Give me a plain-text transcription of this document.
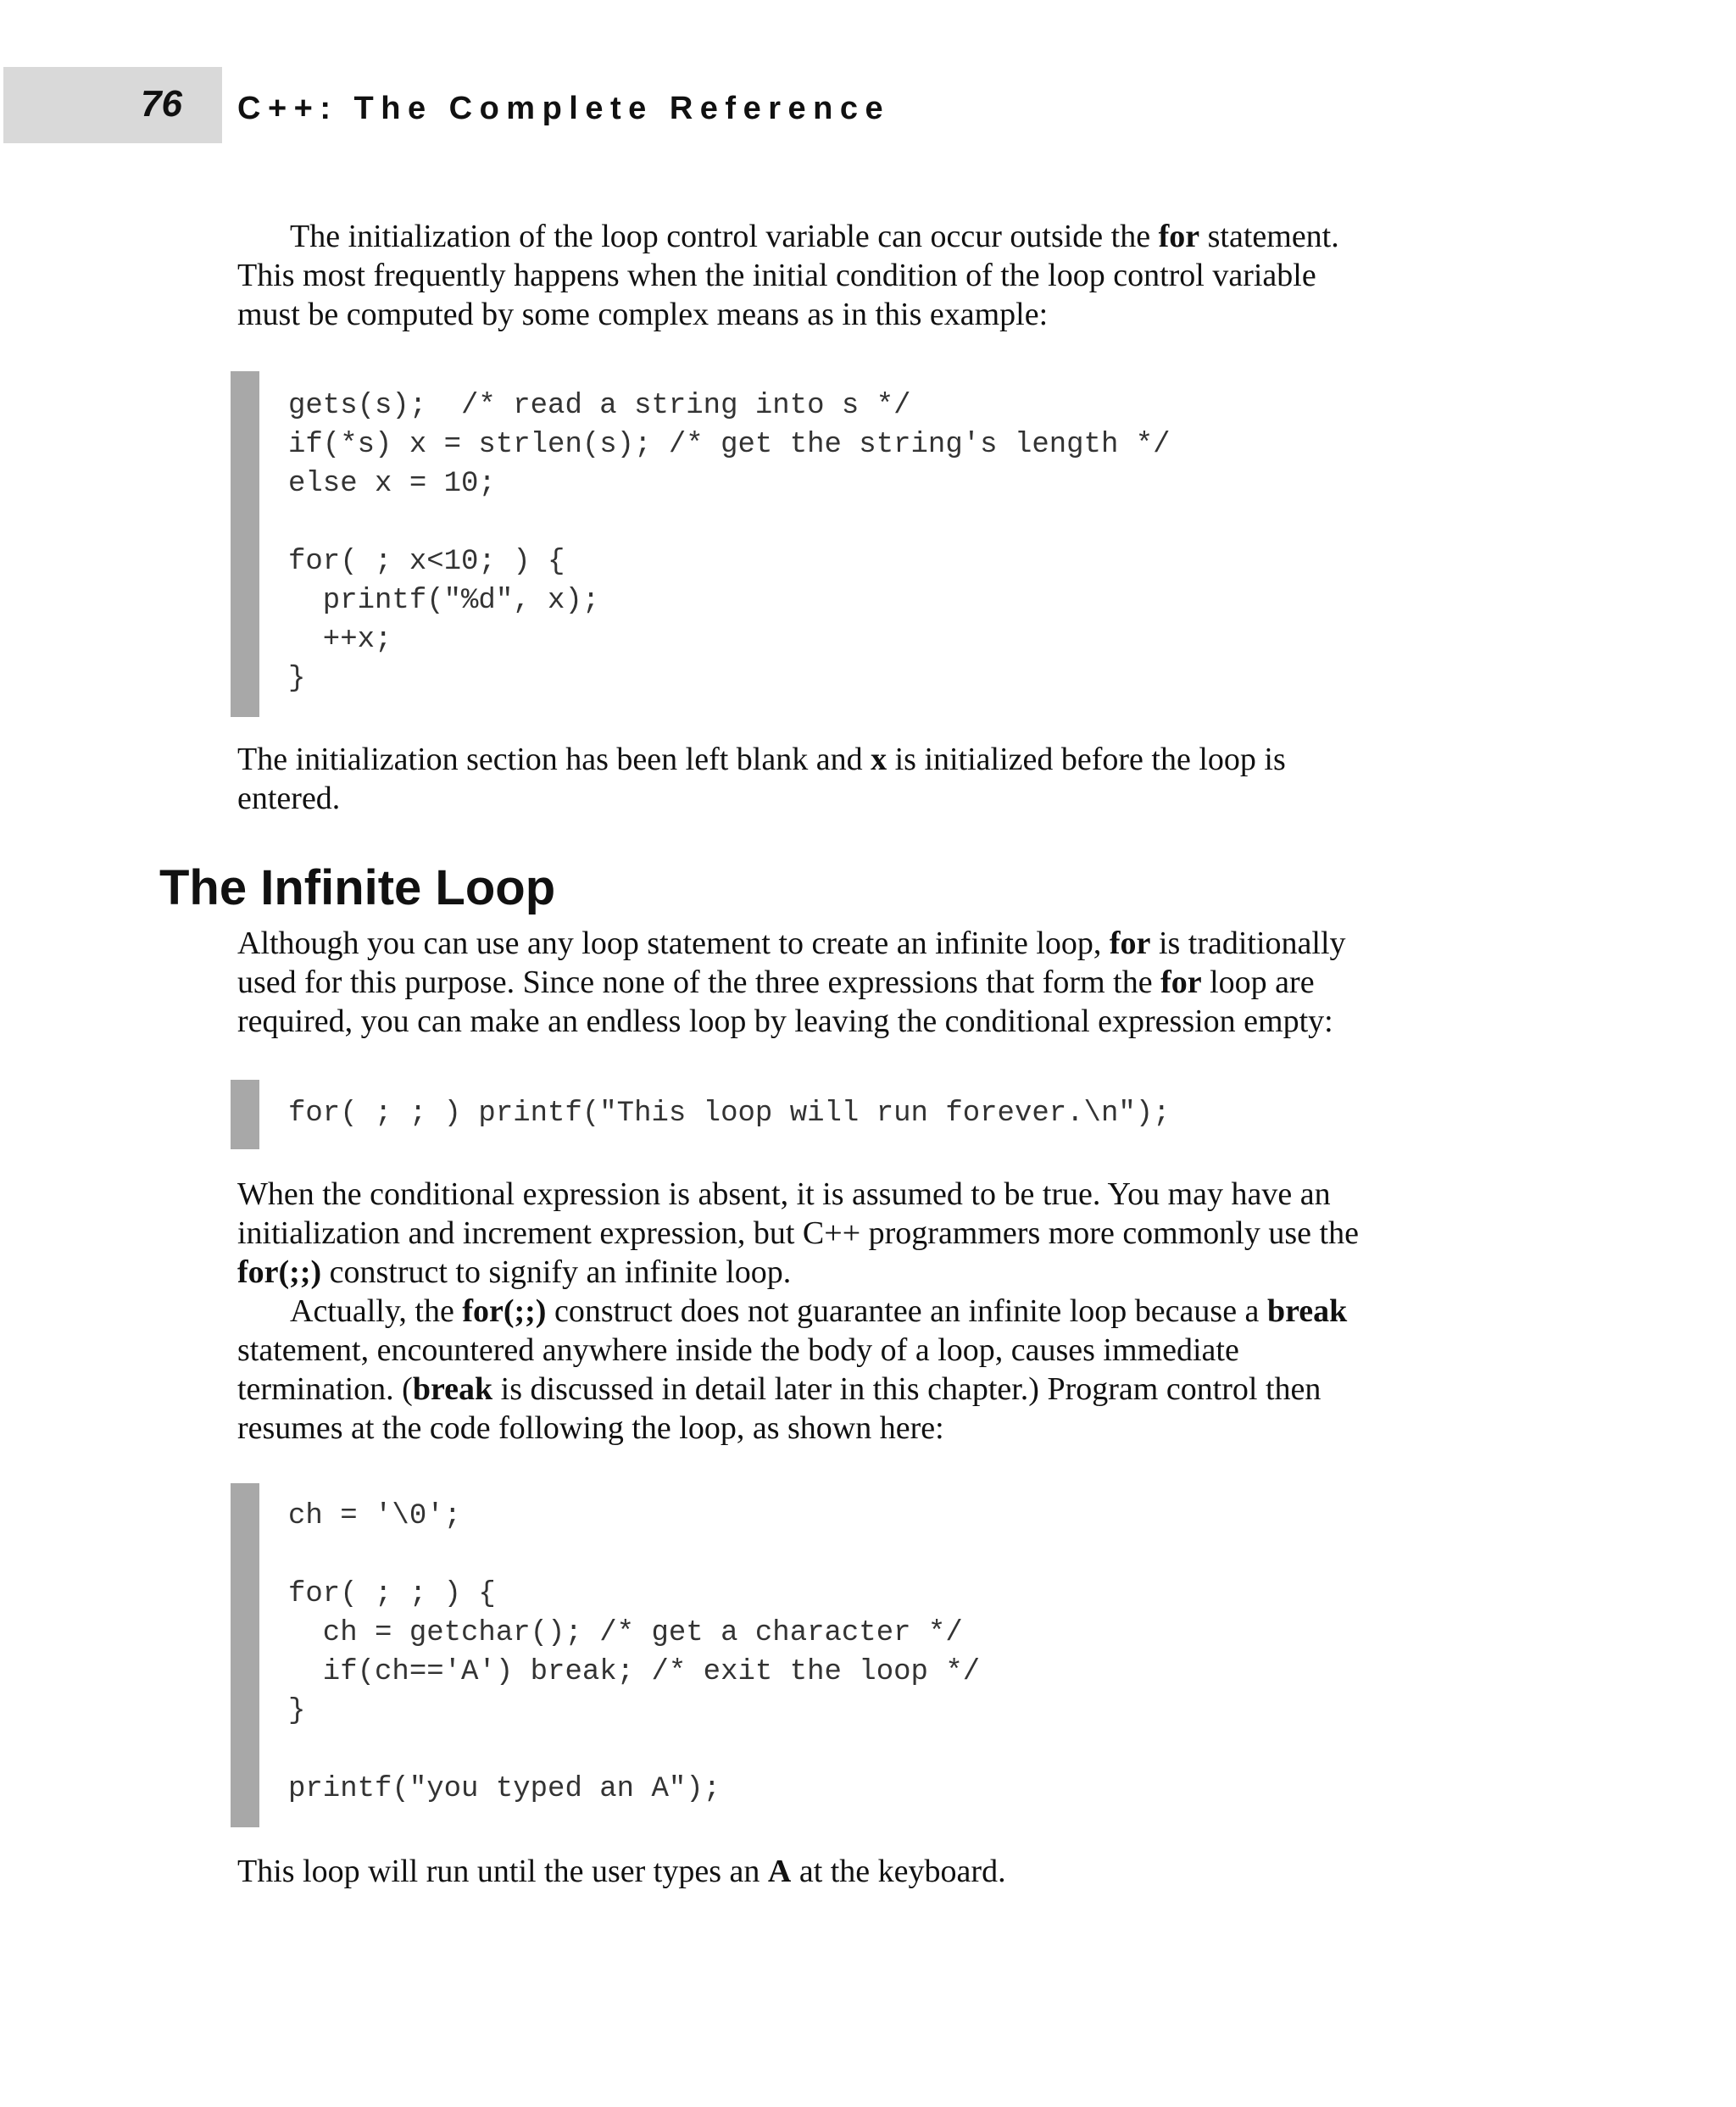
76 C++: The Complete Reference

The initialization of the loop control variable can occur outside the for statement.
This most frequently happens when the initial condition of the loop control variable
must be computed by some complex means as in this example:

gets(s);  /* read a string into s */
if(*s) x = strlen(s); /* get the string's length */
else x = 10;

for( ; x<10; ) {
printf("%d", x);
++x;
}

The initialization section has been left blank and x is initialized before the loop is
entered.

The Infinite Loop

Although you can use any loop statement to create an infinite loop, for is traditionally
used for this purpose. Since none of the three expressions that form the for loop are
required, you can make an endless loop by leaving the conditional expression empty:

for( ; ; ) printf("This loop will run forever.\n");

When the conditional expression is absent, it is assumed to be true. You may have an
initialization and increment expression, but C++ programmers more commonly use the
for(;;) construct to signify an infinite loop.

Actually, the for(;;) construct does not guarantee an infinite loop because a break
statement, encountered anywhere inside the body of a loop, causes immediate
termination. (break is discussed in detail later in this chapter.) Program control then
resumes at the code following the loop, as shown here:

ch = '\0';

for( ; ; ) {
ch = getchar(); /* get a character */
if(ch=='A') break; /* exit the loop */
}

printf("you typed an A");

This loop will run until the user types an A at the keyboard.
